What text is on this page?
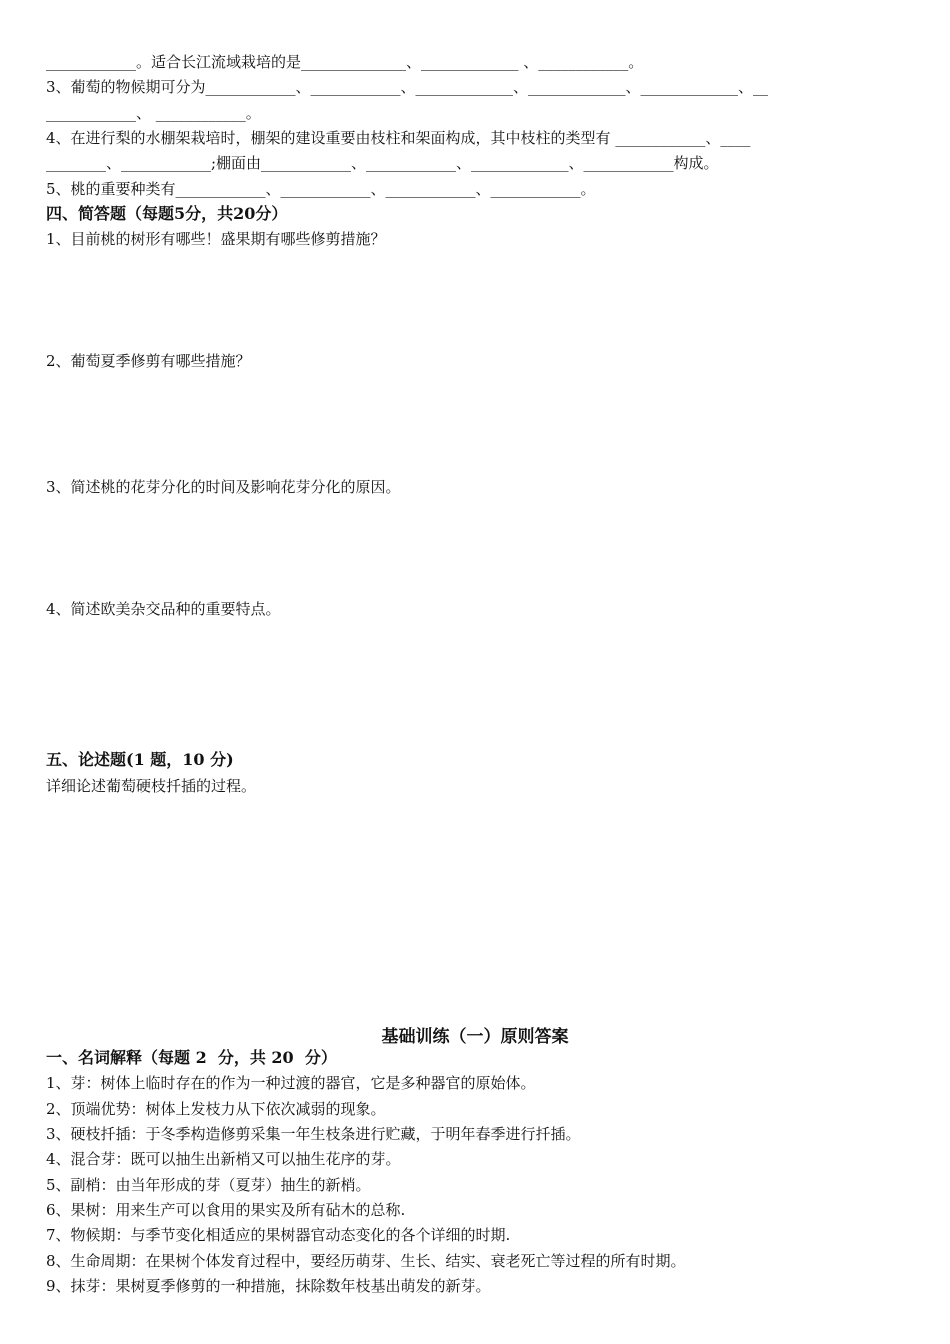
____________。适合长江流域栽培的是______________、_____________ 、____________。
3、葡萄的物候期可分为____________、____________、_____________、_____________、_____________、__
____________、 ____________。
4、在进行梨的水棚架栽培时，棚架的建设重要由枝柱和架面构成，其中枝柱的类型有 ____________、____
________、____________;棚面由____________、____________、_____________、____________构成。
5、桃的重要种类有____________、____________、____________、____________。
四、简答题（每题5分，共20分）
1、目前桃的树形有哪些！盛果期有哪些修剪措施？
2、葡萄夏季修剪有哪些措施？
3、简述桃的花芽分化的时间及影响花芽分化的原因。
4、简述欧美杂交品种的重要特点。
五、论述题(1 题，10 分)
详细论述葡萄硬枝扦插的过程。
基础训练（一）原则答案
一、名词解释（每题 2  分，共 20  分）
1、芽：树体上临时存在的作为一种过渡的器官，它是多种器官的原始体。
2、顶端优势：树体上发枝力从下依次减弱的现象。
3、硬枝扦插：于冬季构造修剪采集一年生枝条进行贮藏，于明年春季进行扦插。
4、混合芽：既可以抽生出新梢又可以抽生花序的芽。
5、副梢：由当年形成的芽（夏芽）抽生的新梢。
6、果树：用来生产可以食用的果实及所有砧木的总称.
7、物候期：与季节变化相适应的果树器官动态变化的各个详细的时期.
8、生命周期：在果树个体发育过程中，要经历萌芽、生长、结实、衰老死亡等过程的所有时期。
9、抹芽：果树夏季修剪的一种措施，抹除数年枝基出萌发的新芽。
